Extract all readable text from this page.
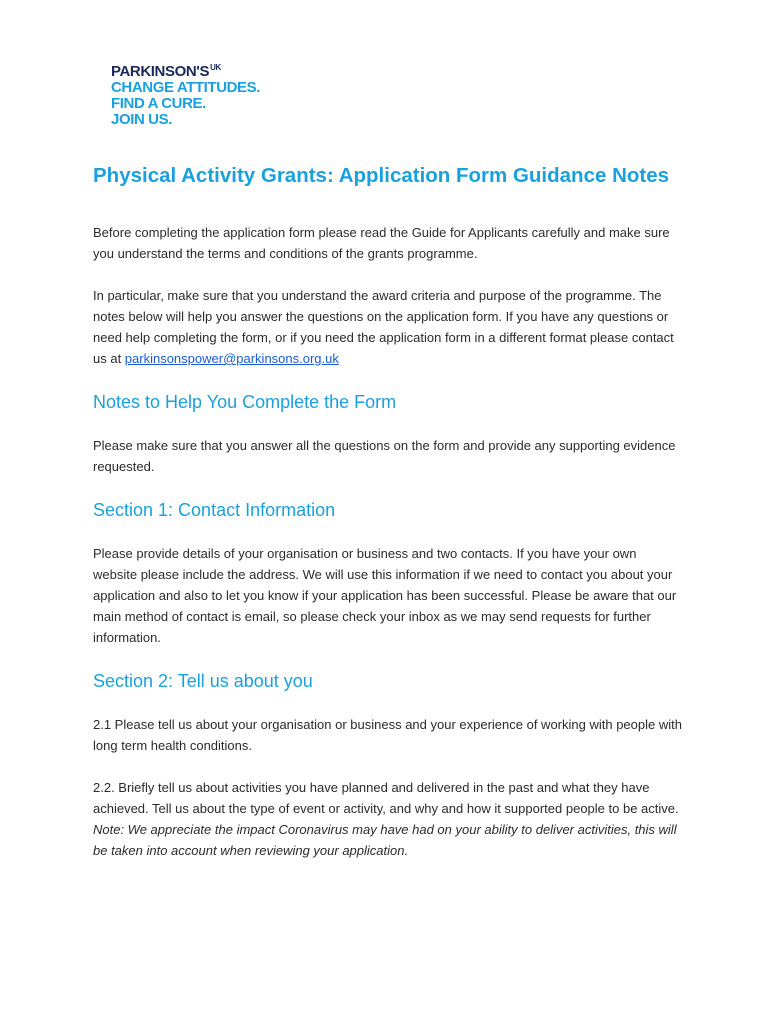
$PARKINSON'S^{UK}$
CHANGE ATTITUDES.
FIND A CURE.
JOIN US.
Physical Activity Grants: Application Form Guidance Notes

Before completing the application form please read the Guide for Applicants carefully and make sure you understand the terms and conditions of the grants programme.

In particular, make sure that you understand the award criteria and purpose of the programme. The notes below will help you answer the questions on the application form. If you have any questions or need help completing the form, or if you need the application form in a different format please contact us at parkinsonspower@parkinsons.org.uk

Notes to Help You Complete the Form

Please make sure that you answer all the questions on the form and provide any supporting evidence requested.

Section 1: Contact Information

Please provide details of your organisation or business and two contacts. If you have your own website please include the address. We will use this information if we need to contact you about your application and also to let you know if your application has been successful. Please be aware that our main method of contact is email, so please check your inbox as we may send requests for further information.

Section 2: Tell us about you

2.1 Please tell us about your organisation or business and your experience of working with people with long term health conditions.

2.2. Briefly tell us about activities you have planned and delivered in the past and what they have achieved. Tell us about the type of event or activity, and why and how it supported people to be active. Note: We appreciate the impact Coronavirus may have had on your ability to deliver activities, this will be taken into account when reviewing your application.
